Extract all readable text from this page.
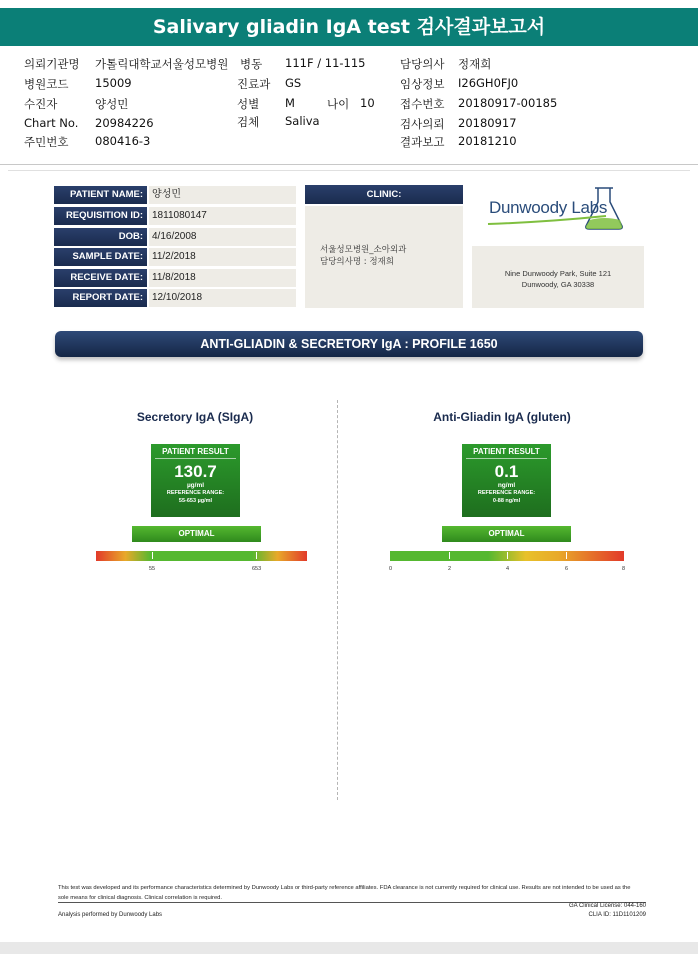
Salivary gliadin IgA test 검사결과보고서
의뢰기관명 가톨릭대학교서울성모병원
병원코드 15009
수진자	양성민
Chart No. 20984226
주민번호 080416-3
병동 111F / 11-115
진료과 GS
성별 M	나이 10
검체 Saliva
담당의사 정재희
임상정보 I26GH0FJ0
접수번호 20180917-00185
검사의뢰 20180917
결과보고 20181210
PATIENT NAME: 양성민
REQUISITION ID: 1811080147
DOB: 4/16/2008
SAMPLE DATE: 11/2/2018
RECEIVE DATE: 11/8/2018
REPORT DATE: 12/10/2018
CLINIC:
서울성모병원_소아외과
담당의사명 : 정재희
Dunwoody Labs
Nine Dunwoody Park, Suite 121
Dunwoody, GA 30338
ANTI-GLIADIN & SECRETORY IgA : PROFILE 1650
Secretory IgA (SIgA)
PATIENT RESULT
130.7
µg/ml
REFERENCE RANGE:
55-653 µg/ml
OPTIMAL
55	653
Anti-Gliadin IgA (gluten)
PATIENT RESULT
0.1
ng/ml
REFERENCE RANGE:
0-88 ng/ml
OPTIMAL
0	2	4	6	8
This test was developed and its performance characteristics determined by Dunwoody Labs or third-party reference affiliates. FDA clearance is not currently required for clinical use. Results are not intended to be used as the sole means for clinical diagnosis. Clinical correlation is required.
Analysis performed by Dunwoody Labs
GA Clinical License: 044-160
CLIA ID: 11D1101209
